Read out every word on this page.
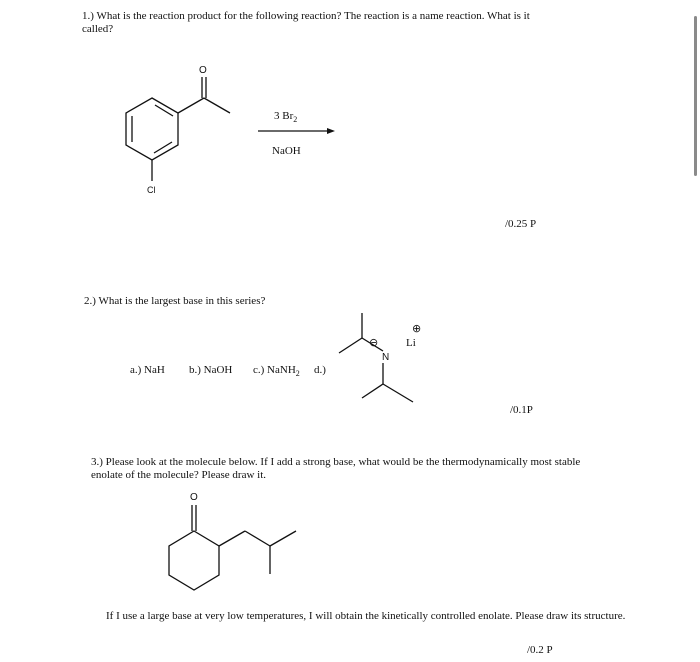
1.) What is the reaction product for the following reaction? The reaction is a name reaction. What is it called?
O
Cl
3 $Br_2$
NaOH
/0.25 P
2.) What is the largest base in this series?
a.) NaH b.) NaOH c.) NaNH$_2$ d.)
⊖
N
⊕
Li
/0.1P
3.) Please look at the molecule below. If I add a strong base, what would be the thermodynamically most stable enolate of the molecule? Please draw it.
O
If I use a large base at very low temperatures, I will obtain the kinetically controlled enolate. Please draw its structure.
/0.2 P
